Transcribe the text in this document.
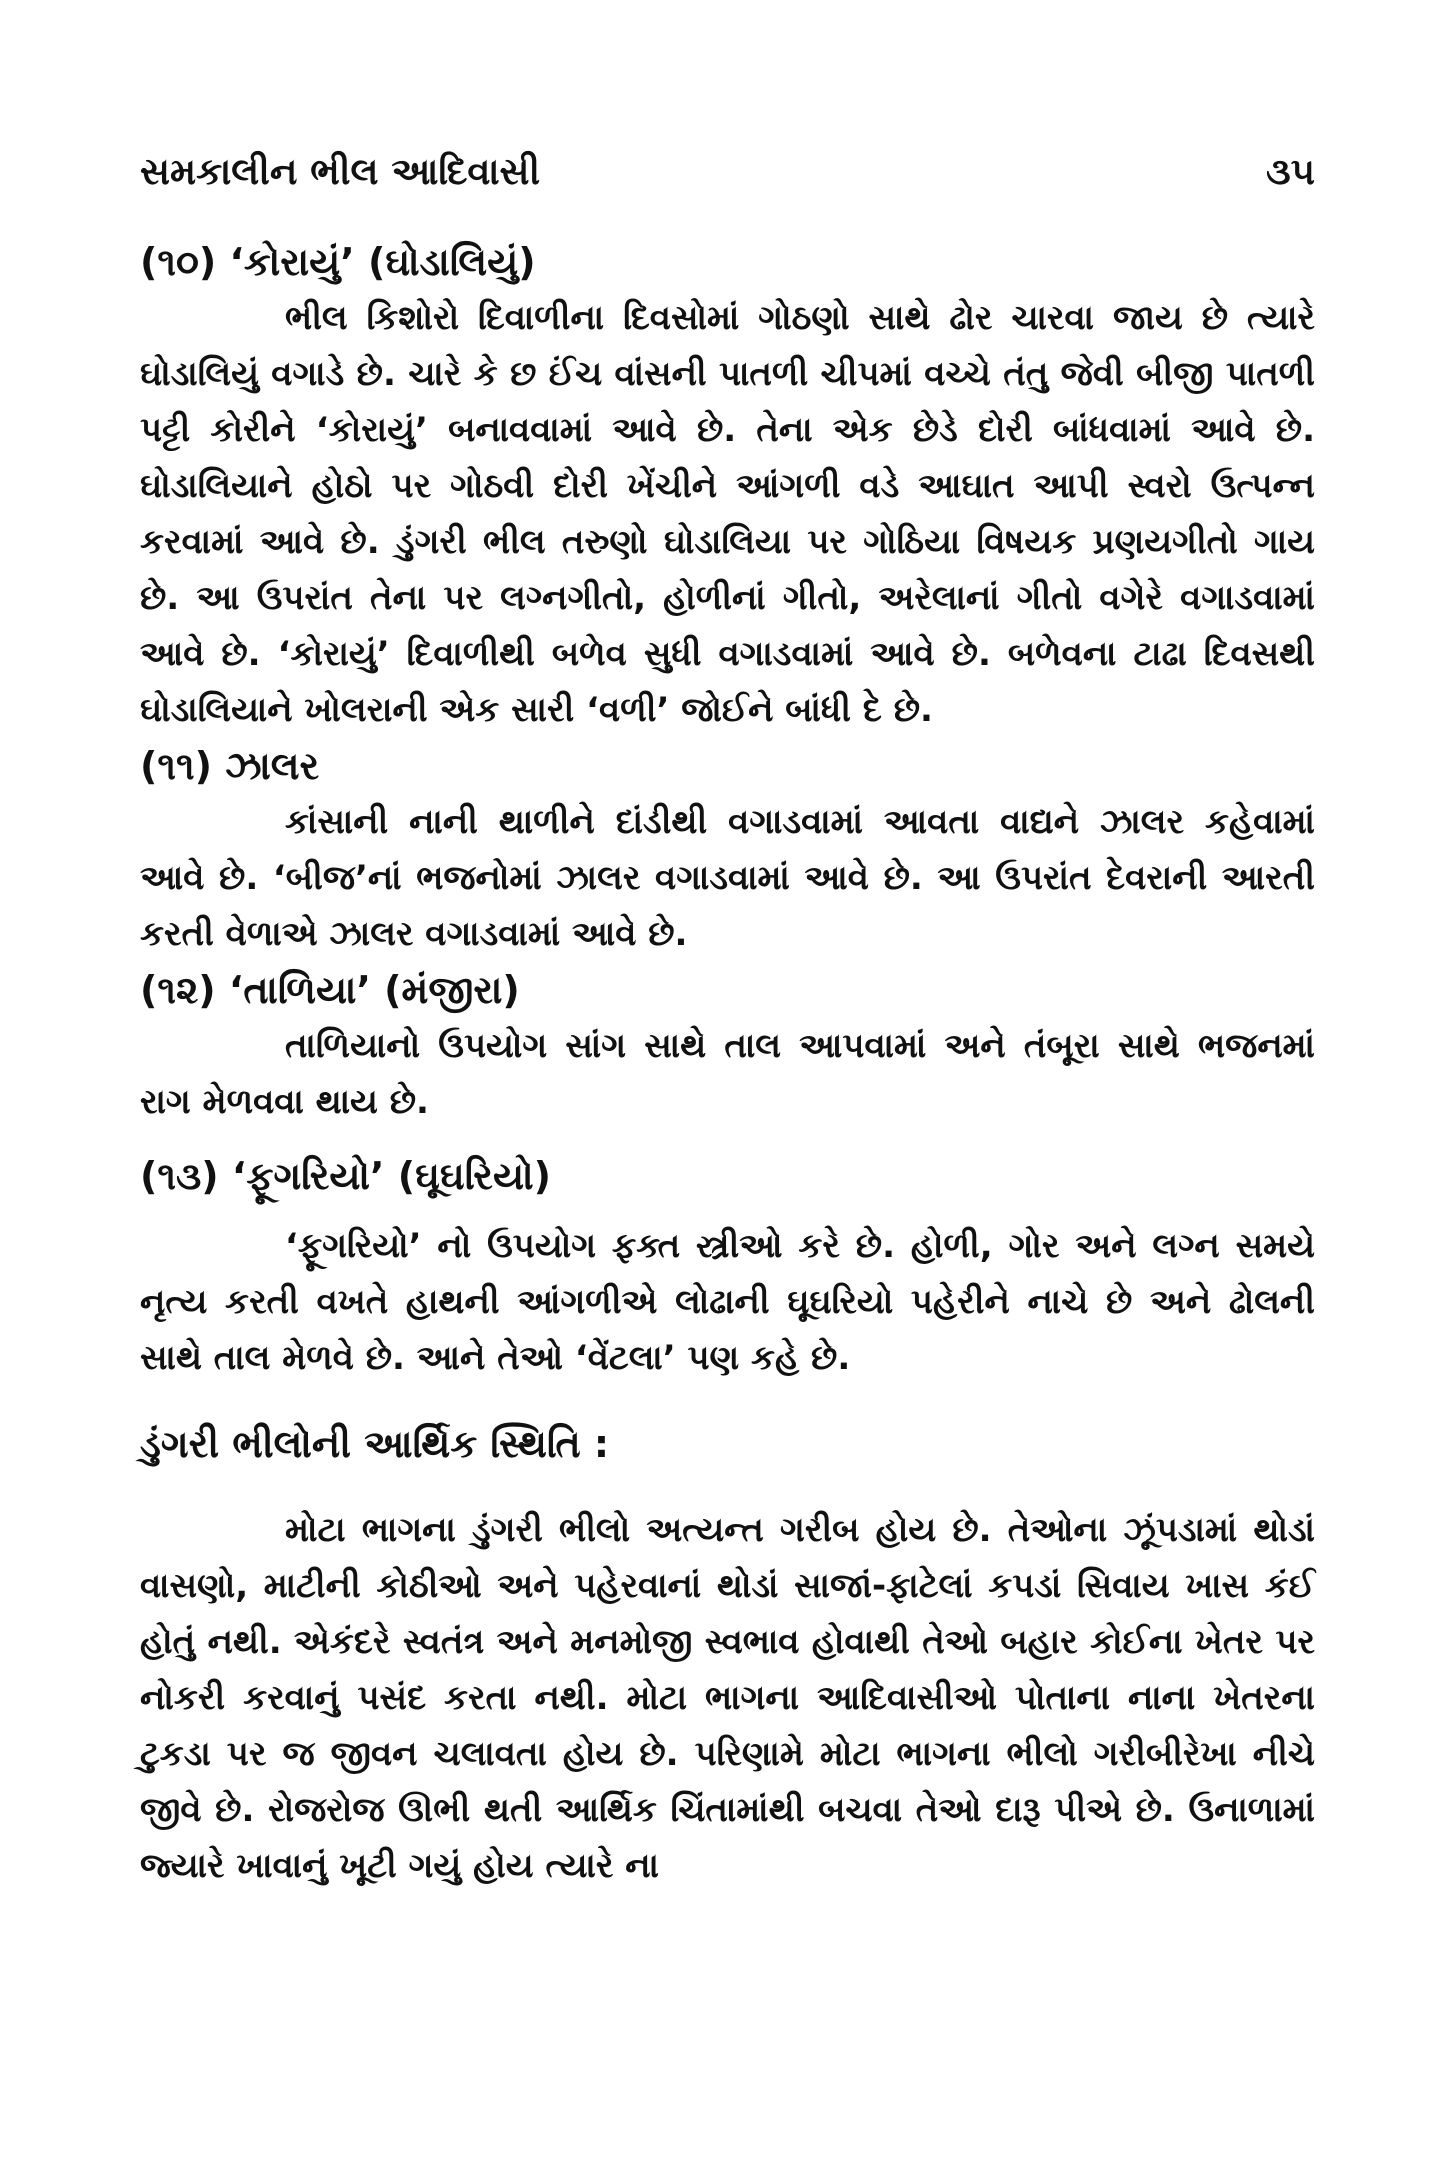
સમકાલીન ભીલ આદિવાસી	૩૫
(૧૦) ‘કોરાયું’ (ઘોડાલિયું)

ભીલ કિશોરો દિવાળીના દિવસોમાં ગોઠણો સાથે ઢોર ચારવા જાય છે ત્યારે ઘોડાલિયું વગાડે છે. ચારે કે છ ઈંચ વાંસની પાતળી ચીપમાં વચ્ચે તંતુ જેવી બીજી પાતળી પટ્ટી કોરીને ‘કોરાયું’ બનાવવામાં આવે છે. તેના એક છેડે દોરી બાંધવામાં આવે છે. ઘોડાલિયાને હોઠો પર ગોઠવી દોરી ખેંચીને આંગળી વડે આઘાત આપી સ્વરો ઉત્પન્ન કરવામાં આવે છે. ડુંગરી ભીલ તરુણો ઘોડાલિયા પર ગોઠિયા વિષયક પ્રણયગીતો ગાય છે. આ ઉપરાંત તેના પર લગ્નગીતો, હોળીનાં ગીતો, અરેલાનાં ગીતો વગેરે વગાડવામાં આવે છે. ‘કોરાયું’ દિવાળીથી બળેવ સુધી વગાડવામાં આવે છે. બળેવના ટાઢા દિવસથી ઘોડાલિયાને ખોલરાની એક સારી ‘વળી’ જોઈને બાંધી દે છે.

(૧૧) ઝાલર

કાંસાની નાની થાળીને દાંડીથી વગાડવામાં આવતા વાદ્યને ઝાલર કહેવામાં આવે છે. ‘બીજ’નાં ભજનોમાં ઝાલર વગાડવામાં આવે છે. આ ઉપરાંત દેવરાની આરતી કરતી વેળાએ ઝાલર વગાડવામાં આવે છે.

(૧૨) ‘તાળિયા’ (મંજીરા)

તાળિયાનો ઉપયોગ સાંગ સાથે તાલ આપવામાં અને તંબૂરા સાથે ભજનમાં રાગ મેળવવા થાય છે.

(૧૩) ‘ફૂગરિયો’ (ઘૂઘરિયો)

‘ફૂગરિયો’ નો ઉપયોગ ફક્ત સ્ત્રીઓ કરે છે. હોળી, ગોર અને લગ્ન સમયે નૃત્ય કરતી વખતે હાથની આંગળીએ લોઢાની ઘૂઘરિયો પહેરીને નાચે છે અને ઢોલની સાથે તાલ મેળવે છે. આને તેઓ ‘વેંટલા’ પણ કહે છે.

ડુંગરી ભીલોની આર્થિક સ્થિતિ :

મોટા ભાગના ડુંગરી ભીલો અત્યન્ત ગરીબ હોય છે. તેઓના ઝૂંપડામાં થોડાં વાસણો, માટીની કોઠીઓ અને પહેરવાનાં થોડાં સાજાં-ફાટેલાં કપડાં સિવાય ખાસ કંઈ હોતું નથી. એકંદરે સ્વતંત્ર અને મનમોજી સ્વભાવ હોવાથી તેઓ બહાર કોઈના ખેતર પર નોકરી કરવાનું પસંદ કરતા નથી. મોટા ભાગના આદિવાસીઓ પોતાના નાના ખેતરના ટુકડા પર જ જીવન ચલાવતા હોય છે. પરિણામે મોટા ભાગના ભીલો ગરીબીરેખા નીચે જીવે છે. રોજરોજ ઊભી થતી આર્થિક ચિંતામાંથી બચવા તેઓ દારૂ પીએ છે. ઉનાળામાં જ્યારે ખાવાનું ખૂટી ગયું હોય ત્યારે ના
